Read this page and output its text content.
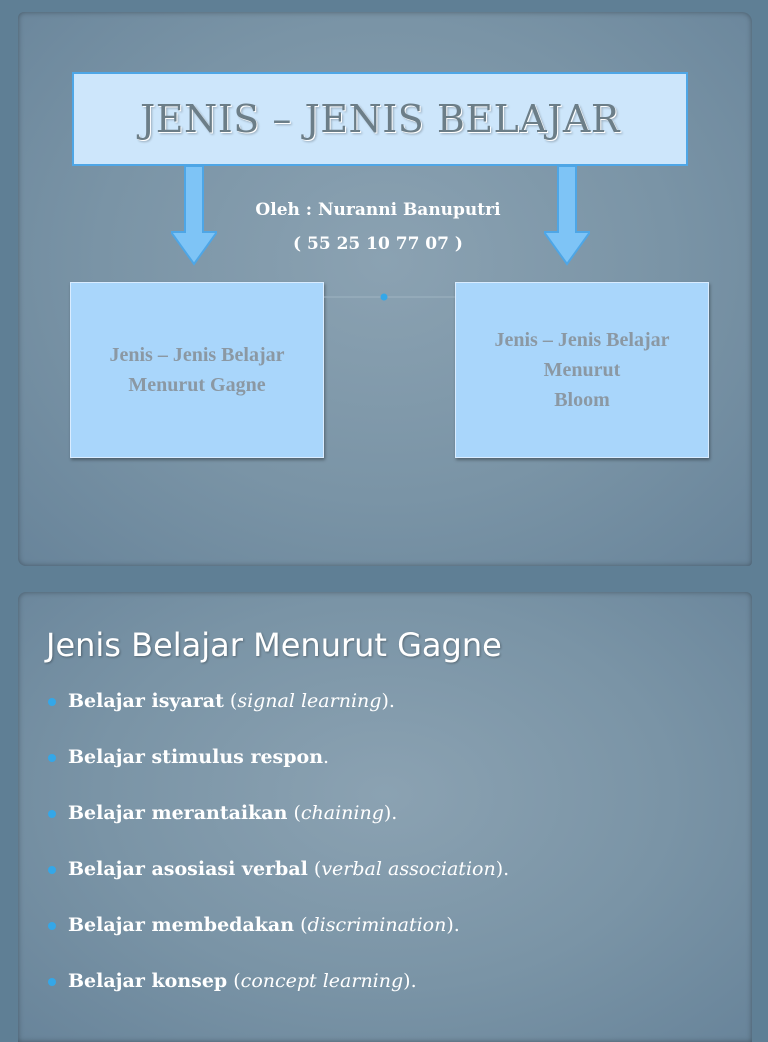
JENIS – JENIS BELAJAR
Oleh : Nuranni Banuputri
( 55 25 10 77 07 )
Jenis – Jenis Belajar
Menurut Gagne
Jenis – Jenis Belajar
Menurut
Bloom
Jenis Belajar Menurut Gagne
Belajar isyarat (signal learning).
Belajar stimulus respon.
Belajar merantaikan (chaining).
Belajar asosiasi verbal (verbal association).
Belajar membedakan (discrimination).
Belajar konsep (concept learning).
